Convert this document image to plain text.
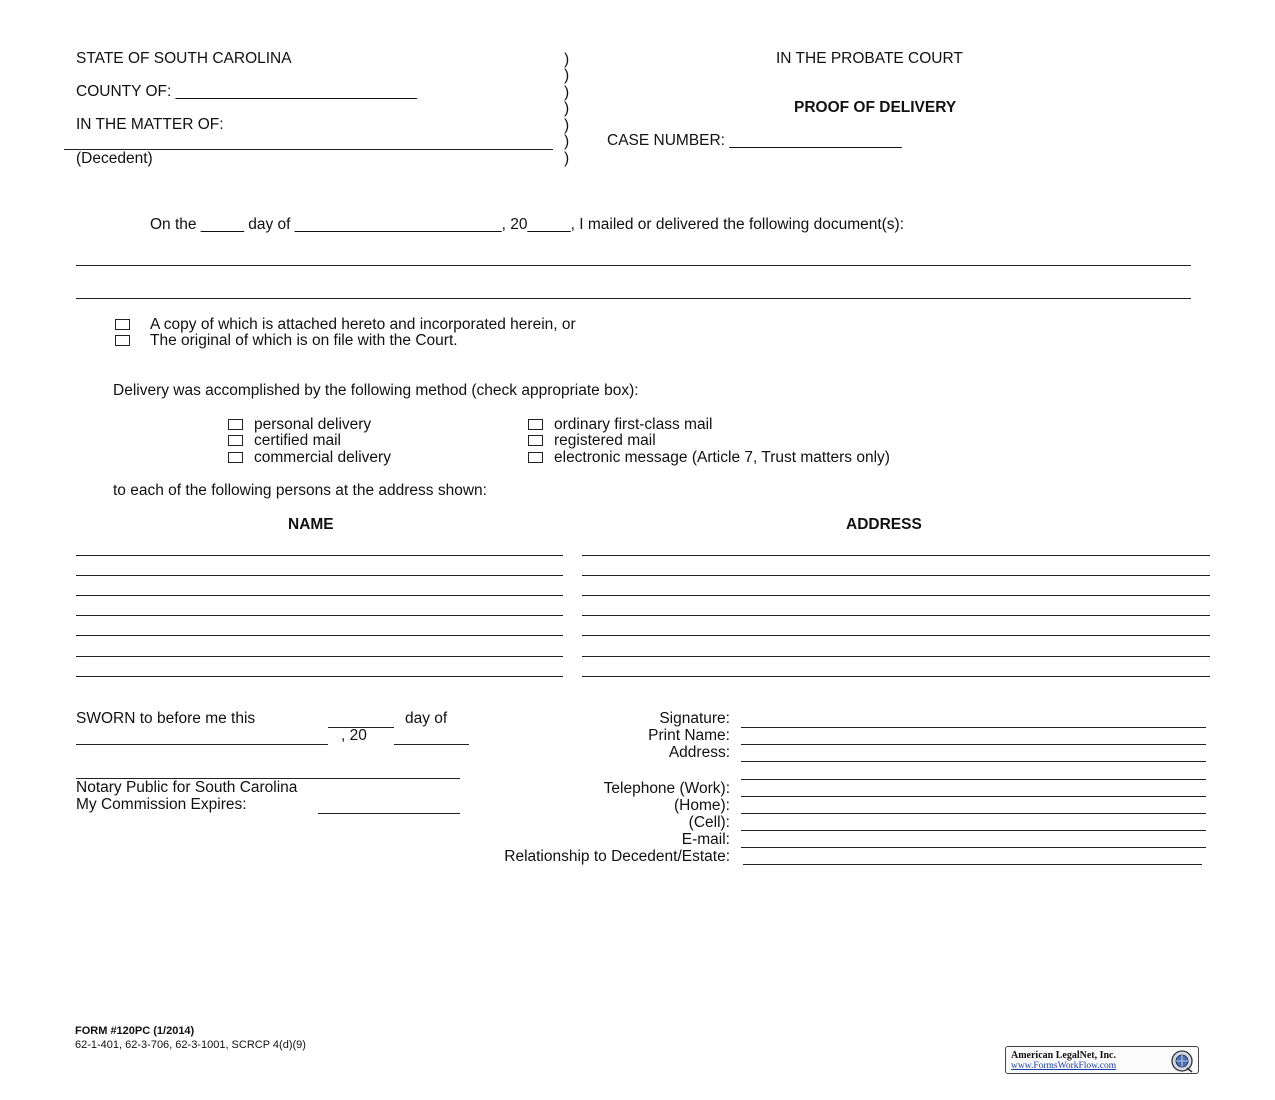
STATE OF SOUTH CAROLINA
COUNTY OF: ____________________________
IN THE MATTER OF:
(Decedent)
)
)
)
)
)
)
)
IN THE PROBATE COURT
PROOF OF DELIVERY
CASE NUMBER: ____________________
On the _____ day of ________________________, 20_____, I mailed or delivered the following document(s):
A copy of which is attached hereto and incorporated herein, or
The original of which is on file with the Court.
Delivery was accomplished by the following method (check appropriate box):
personal delivery
certified mail
commercial delivery
ordinary first-class mail
registered mail
electronic message (Article 7, Trust matters only)
to each of the following persons at the address shown:
NAME	ADDRESS
SWORN to before me this	day of
, 20
Notary Public for South Carolina
My Commission Expires:
Signature:
Print Name:
Address:
Telephone (Work):
(Home):
(Cell):
E-mail:
Relationship to Decedent/Estate:
FORM #120PC (1/2014)
62-1-401, 62-3-706, 62-3-1001, SCRCP 4(d)(9)
American LegalNet, Inc.
www.FormsWorkFlow.com
